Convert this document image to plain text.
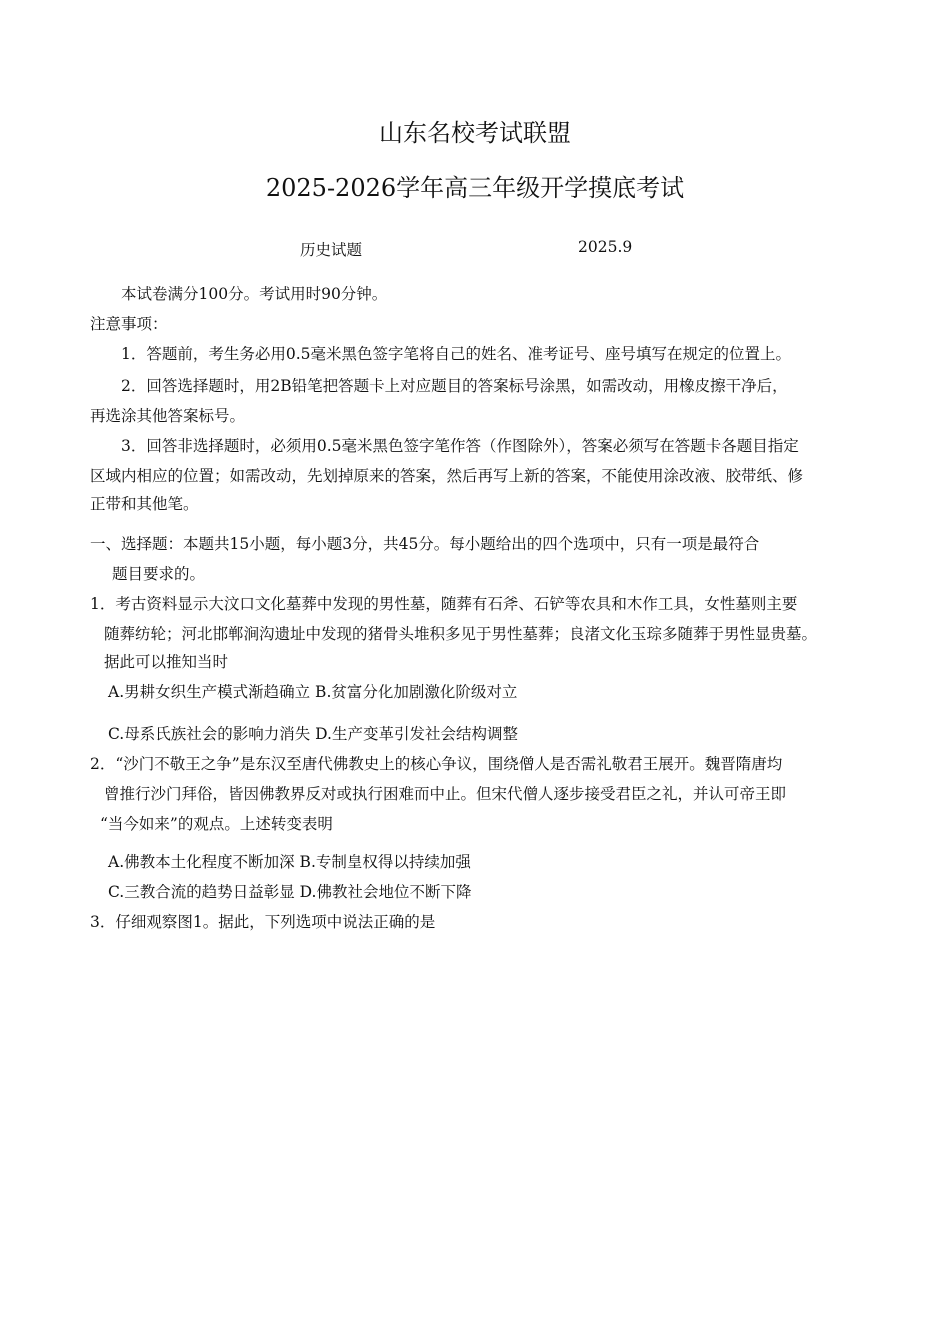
山东名校考试联盟
2025-2026学年高三年级开学摸底考试
历史试题	2025.9
本试卷满分100分。考试用时90分钟。
注意事项：
1．答题前，考生务必用0.5毫米黑色签字笔将自己的姓名、准考证号、座号填写在规定的位置上。
2．回答选择题时，用2B铅笔把答题卡上对应题目的答案标号涂黑，如需改动，用橡皮擦干净后，
再选涂其他答案标号。
3．回答非选择题时，必须用0.5毫米黑色签字笔作答（作图除外），答案必须写在答题卡各题目指定
区域内相应的位置；如需改动，先划掉原来的答案，然后再写上新的答案，不能使用涂改液、胶带纸、修
正带和其他笔。
一、选择题：本题共15小题，每小题3分，共45分。每小题给出的四个选项中，只有一项是最符合
题目要求的。
1．考古资料显示大汶口文化墓葬中发现的男性墓，随葬有石斧、石铲等农具和木作工具，女性墓则主要
随葬纺轮；河北邯郸涧沟遗址中发现的猪骨头堆积多见于男性墓葬；良渚文化玉琮多随葬于男性显贵墓。
据此可以推知当时
A.男耕女织生产模式渐趋确立 B.贫富分化加剧激化阶级对立
C.母系氏族社会的影响力消失 D.生产变革引发社会结构调整
2．“沙门不敬王之争”是东汉至唐代佛教史上的核心争议，围绕僧人是否需礼敬君王展开。魏晋隋唐均
曾推行沙门拜俗，皆因佛教界反对或执行困难而中止。但宋代僧人逐步接受君臣之礼，并认可帝王即
“当今如来”的观点。上述转变表明
A.佛教本土化程度不断加深 B.专制皇权得以持续加强
C.三教合流的趋势日益彰显 D.佛教社会地位不断下降
3．仔细观察图1。据此，下列选项中说法正确的是
